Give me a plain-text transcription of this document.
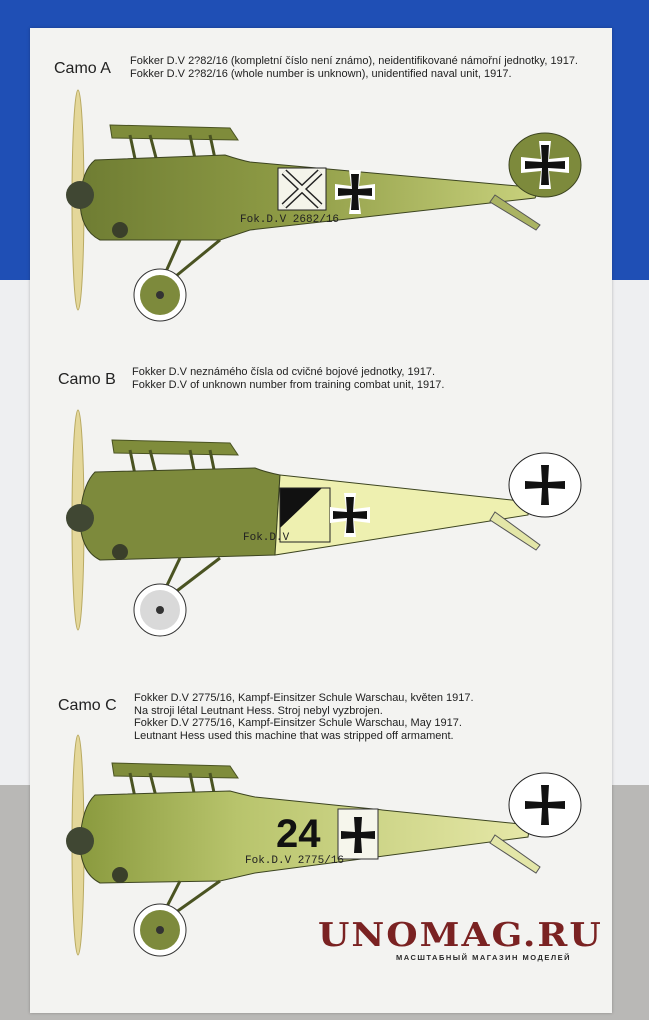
Camo A Fokker D.V 2?82/16 (kompletní číslo není známo), neidentifikované námořní jednotky, 1917.
Fokker D.V 2?82/16 (whole number is unknown), unidentified naval unit, 1917.
Fok.D.V 2682/16
Camo B Fokker D.V neznámého čísla od cvičné bojové jednotky, 1917.
Fokker D.V of unknown number from training combat unit, 1917.
Fok.D.V
Camo C Fokker D.V 2775/16, Kampf-Einsitzer Schule Warschau, květen 1917.
Na stroji létal Leutnant Hess. Stroj nebyl vyzbrojen.
Fokker D.V 2775/16, Kampf-Einsitzer Schule Warschau, May 1917.
Leutnant Hess used this machine that was stripped off armament.
24
Fok.D.V 2775/16
UNOMAG.RU
МАСШТАБНЫЙ МАГАЗИН МОДЕЛЕЙ
